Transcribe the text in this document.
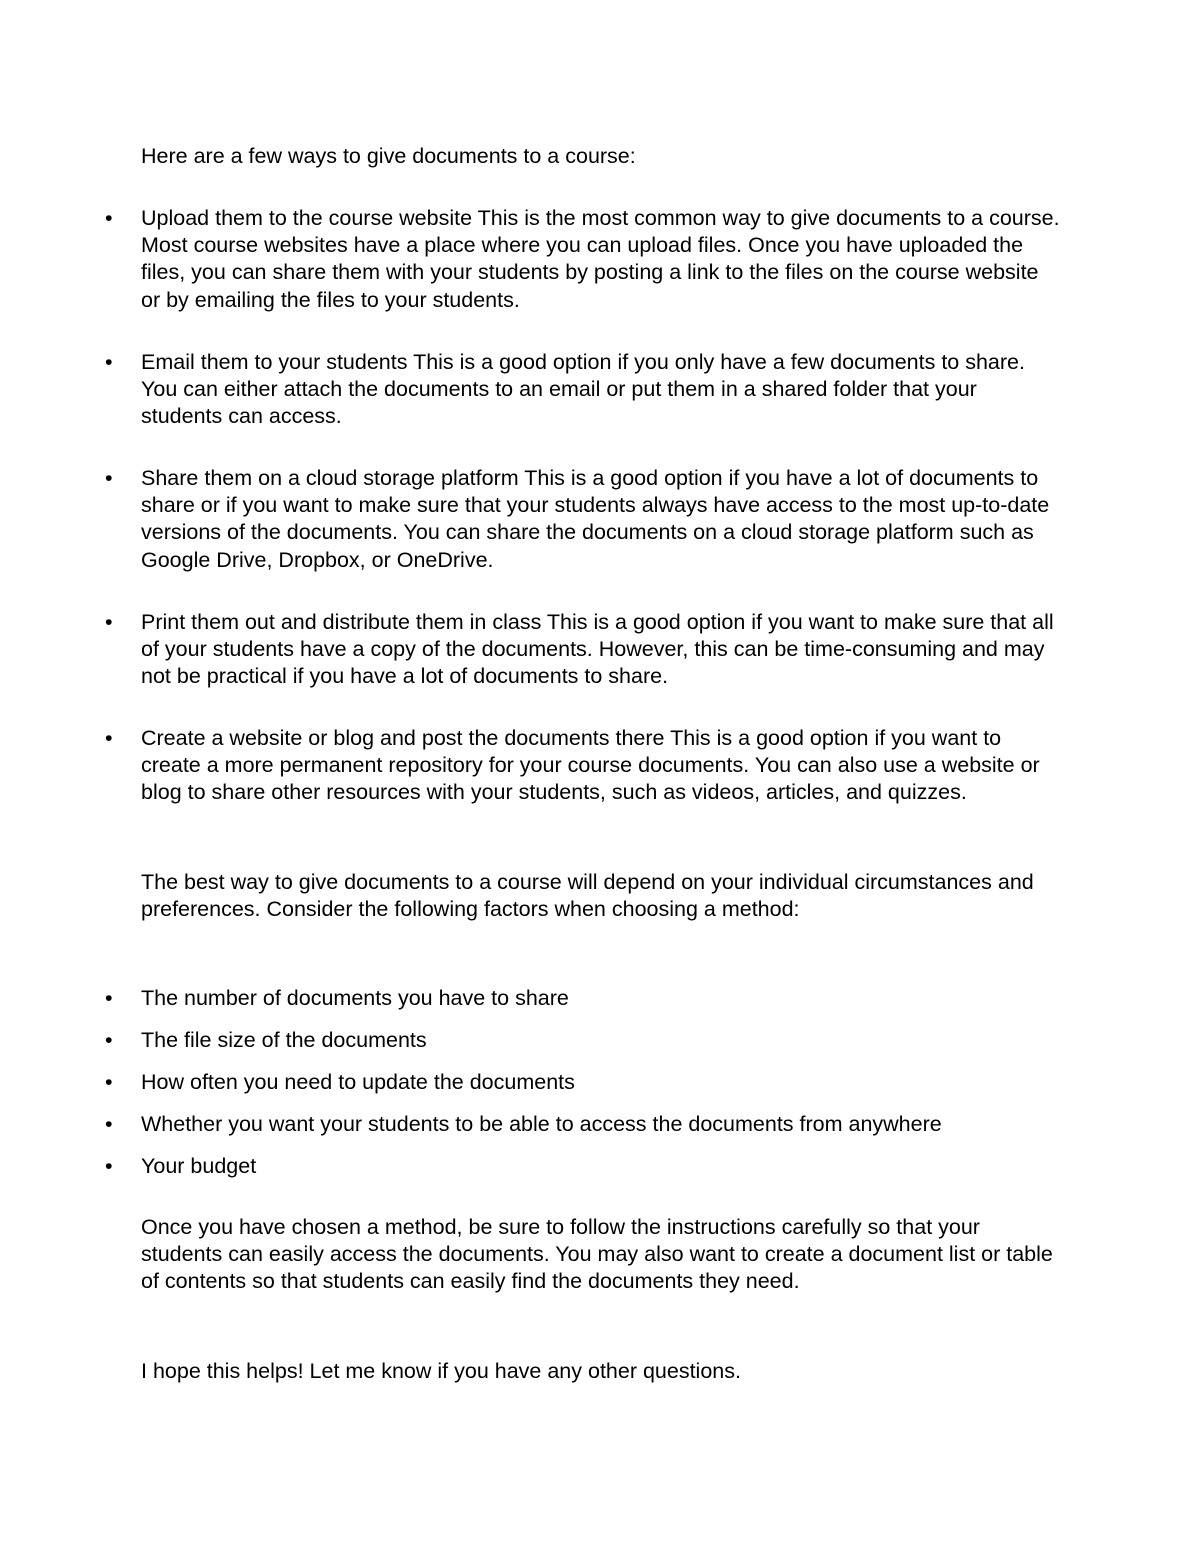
Here are a few ways to give documents to a course:

• Upload them to the course website This is the most common way to give documents to a course. Most course websites have a place where you can upload files. Once you have uploaded the files, you can share them with your students by posting a link to the files on the course website or by emailing the files to your students.

• Email them to your students This is a good option if you only have a few documents to share. You can either attach the documents to an email or put them in a shared folder that your students can access.

• Share them on a cloud storage platform This is a good option if you have a lot of documents to share or if you want to make sure that your students always have access to the most up-to-date versions of the documents. You can share the documents on a cloud storage platform such as Google Drive, Dropbox, or OneDrive.

• Print them out and distribute them in class This is a good option if you want to make sure that all of your students have a copy of the documents. However, this can be time-consuming and may not be practical if you have a lot of documents to share.

• Create a website or blog and post the documents there This is a good option if you want to create a more permanent repository for your course documents. You can also use a website or blog to share other resources with your students, such as videos, articles, and quizzes.

The best way to give documents to a course will depend on your individual circumstances and preferences. Consider the following factors when choosing a method:

• The number of documents you have to share

• The file size of the documents

• How often you need to update the documents

• Whether you want your students to be able to access the documents from anywhere

• Your budget

Once you have chosen a method, be sure to follow the instructions carefully so that your students can easily access the documents. You may also want to create a document list or table of contents so that students can easily find the documents they need.

I hope this helps! Let me know if you have any other questions.
